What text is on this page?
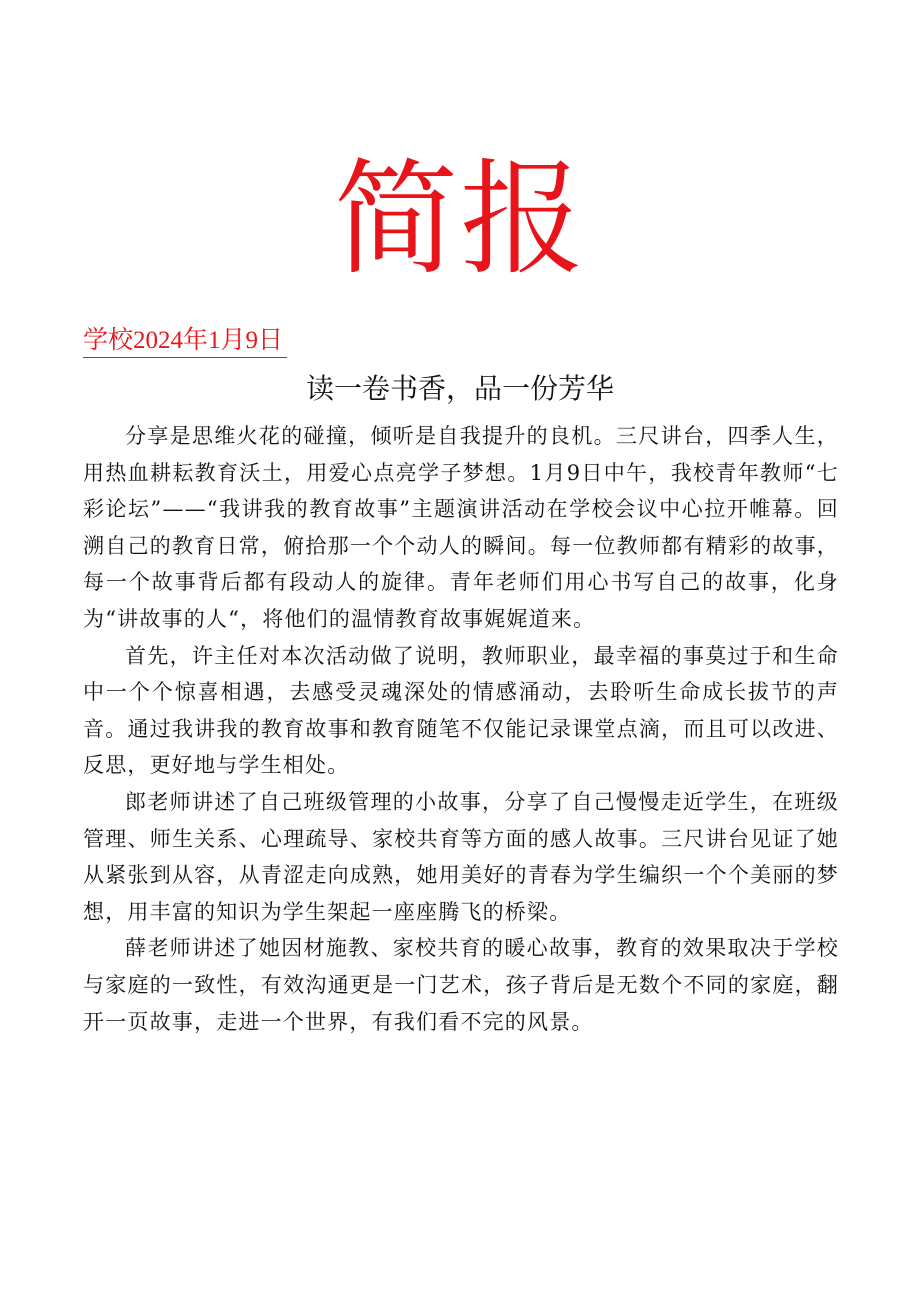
简报
学校2024年1月9日
读一卷书香，品一份芳华

分享是思维火花的碰撞，倾听是自我提升的良机。三尺讲台，四季人生，用热血耕耘教育沃土，用爱心点亮学子梦想。1月9日中午，我校青年教师“七彩论坛”——“我讲我的教育故事”主题演讲活动在学校会议中心拉开帷幕。回溯自己的教育日常，俯拾那一个个动人的瞬间。每一位教师都有精彩的故事，每一个故事背后都有段动人的旋律。青年老师们用心书写自己的故事，化身为“讲故事的人“，将他们的温情教育故事娓娓道来。

首先，许主任对本次活动做了说明，教师职业，最幸福的事莫过于和生命中一个个惊喜相遇，去感受灵魂深处的情感涌动，去聆听生命成长拔节的声音。通过我讲我的教育故事和教育随笔不仅能记录课堂点滴，而且可以改进、反思，更好地与学生相处。

郎老师讲述了自己班级管理的小故事，分享了自己慢慢走近学生，在班级管理、师生关系、心理疏导、家校共育等方面的感人故事。三尺讲台见证了她从紧张到从容，从青涩走向成熟，她用美好的青春为学生编织一个个美丽的梦想，用丰富的知识为学生架起一座座腾飞的桥梁。

薛老师讲述了她因材施教、家校共育的暖心故事，教育的效果取决于学校与家庭的一致性，有效沟通更是一门艺术，孩子背后是无数个不同的家庭，翻开一页故事，走进一个世界，有我们看不完的风景。
